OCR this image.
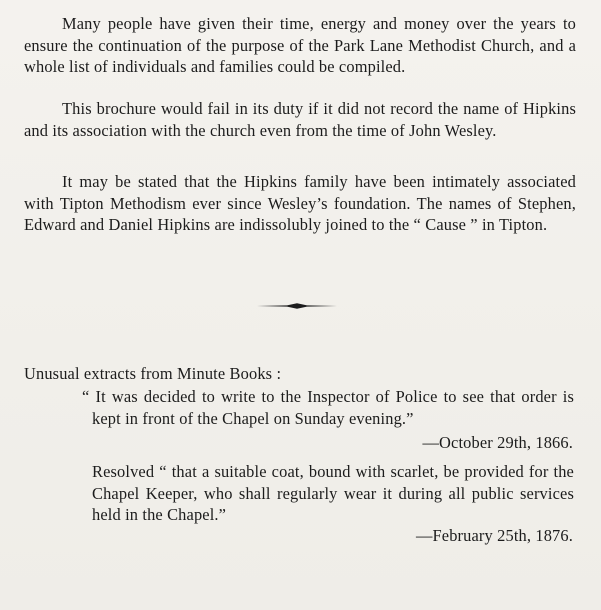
Many people have given their time, energy and money over the years to ensure the continuation of the purpose of the Park Lane Methodist Church, and a whole list of individuals and families could be compiled.

This brochure would fail in its duty if it did not record the name of Hipkins and its association with the church even from the time of John Wesley.

It may be stated that the Hipkins family have been intimately associated with Tipton Methodism ever since Wesley’s foundation. The names of Stephen, Edward and Daniel Hipkins are indissolubly joined to the “ Cause ” in Tipton.

Unusual extracts from Minute Books :

“ It was decided to write to the Inspector of Police to see that order is kept in front of the Chapel on Sunday evening.”

—October 29th, 1866.

Resolved “ that a suitable coat, bound with scarlet, be provided for the Chapel Keeper, who shall regularly wear it during all public services held in the Chapel.”

—February 25th, 1876.
